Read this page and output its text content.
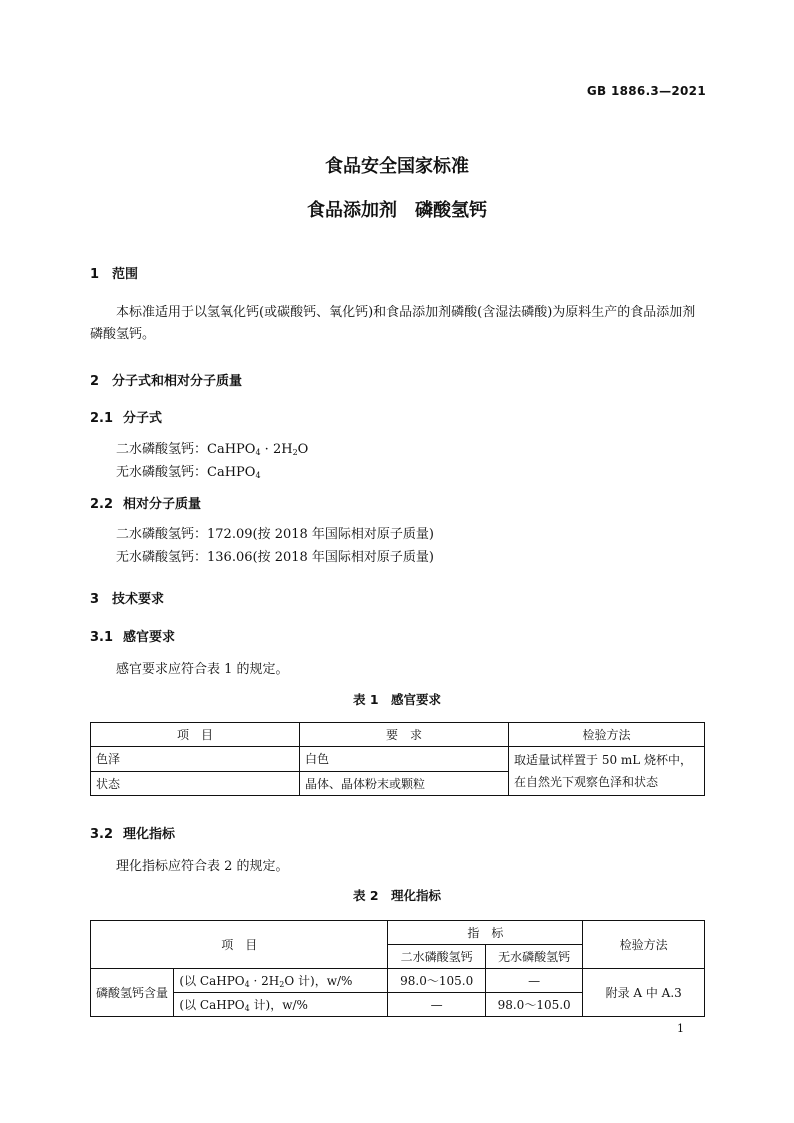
GB 1886.3—2021
食品安全国家标准
食品添加剂　磷酸氢钙
1 范围
本标准适用于以氢氧化钙(或碳酸钙、氧化钙)和食品添加剂磷酸(含湿法磷酸)为原料生产的食品添加剂磷酸氢钙。
2 分子式和相对分子质量
2.1 分子式
二水磷酸氢钙：CaHPO$_4$ · $2H_2O$
无水磷酸氢钙：CaHPO$_4$
2.2 相对分子质量
二水磷酸氢钙：172.09(按 2018 年国际相对原子质量)
无水磷酸氢钙：136.06(按 2018 年国际相对原子质量)
3 技术要求
3.1 感官要求
感官要求应符合表 1 的规定。
表 1　感官要求
项　目	要　求	检验方法
色泽	白色	取适量试样置于 50 mL 烧杯中，在自然光下观察色泽和状态
状态	晶体、晶体粉末或颗粒	
3.2 理化指标
理化指标应符合表 2 的规定。
表 2　理化指标
项　目		指　标		检验方法
		二水磷酸氢钙	无水磷酸氢钙	
磷酸氢钙含量	(以 CaHPO$_4$ · $2H_2O$ 计)，w/%	98.0～105.0	—	附录 A 中 A.3
	(以 CaHPO$_4$ 计)，w/%	—	98.0～105.0	
1
